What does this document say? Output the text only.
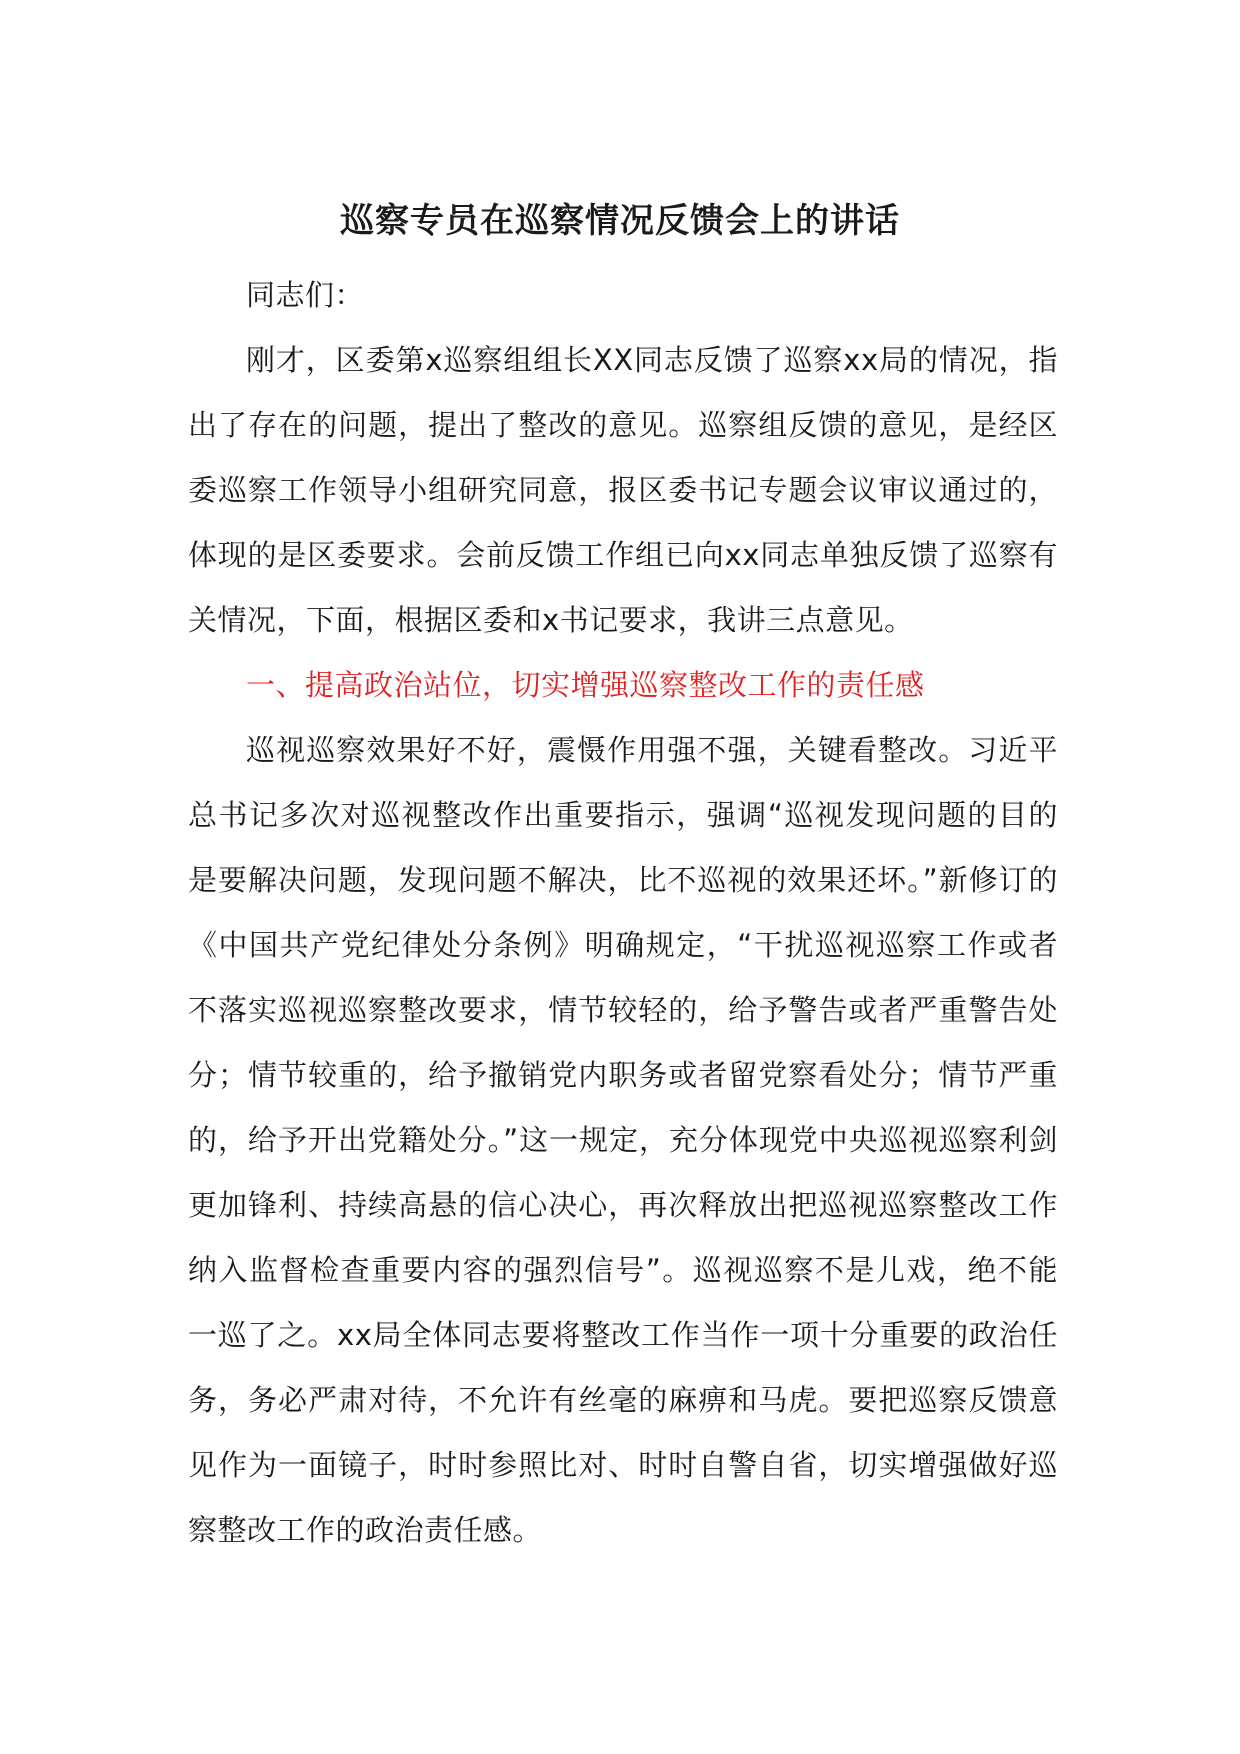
巡察专员在巡察情况反馈会上的讲话

同志们：

刚才，区委第x巡察组组长XX同志反馈了巡察xx局的情况，指出了存在的问题，提出了整改的意见。巡察组反馈的意见，是经区委巡察工作领导小组研究同意，报区委书记专题会议审议通过的，体现的是区委要求。会前反馈工作组已向xx同志单独反馈了巡察有关情况，下面，根据区委和x书记要求，我讲三点意见。

一、提高政治站位，切实增强巡察整改工作的责任感

巡视巡察效果好不好，震慑作用强不强，关键看整改。习近平总书记多次对巡视整改作出重要指示，强调“巡视发现问题的目的是要解决问题，发现问题不解决，比不巡视的效果还坏。”新修订的《中国共产党纪律处分条例》明确规定，“干扰巡视巡察工作或者不落实巡视巡察整改要求，情节较轻的，给予警告或者严重警告处分；情节较重的，给予撤销党内职务或者留党察看处分；情节严重的，给予开出党籍处分。”这一规定，充分体现党中央巡视巡察利剑更加锋利、持续高悬的信心决心，再次释放出把巡视巡察整改工作纳入监督检查重要内容的强烈信号”。巡视巡察不是儿戏，绝不能一巡了之。xx局全体同志要将整改工作当作一项十分重要的政治任务，务必严肃对待，不允许有丝毫的麻痹和马虎。要把巡察反馈意见作为一面镜子，时时参照比对、时时自警自省，切实增强做好巡察整改工作的政治责任感。
